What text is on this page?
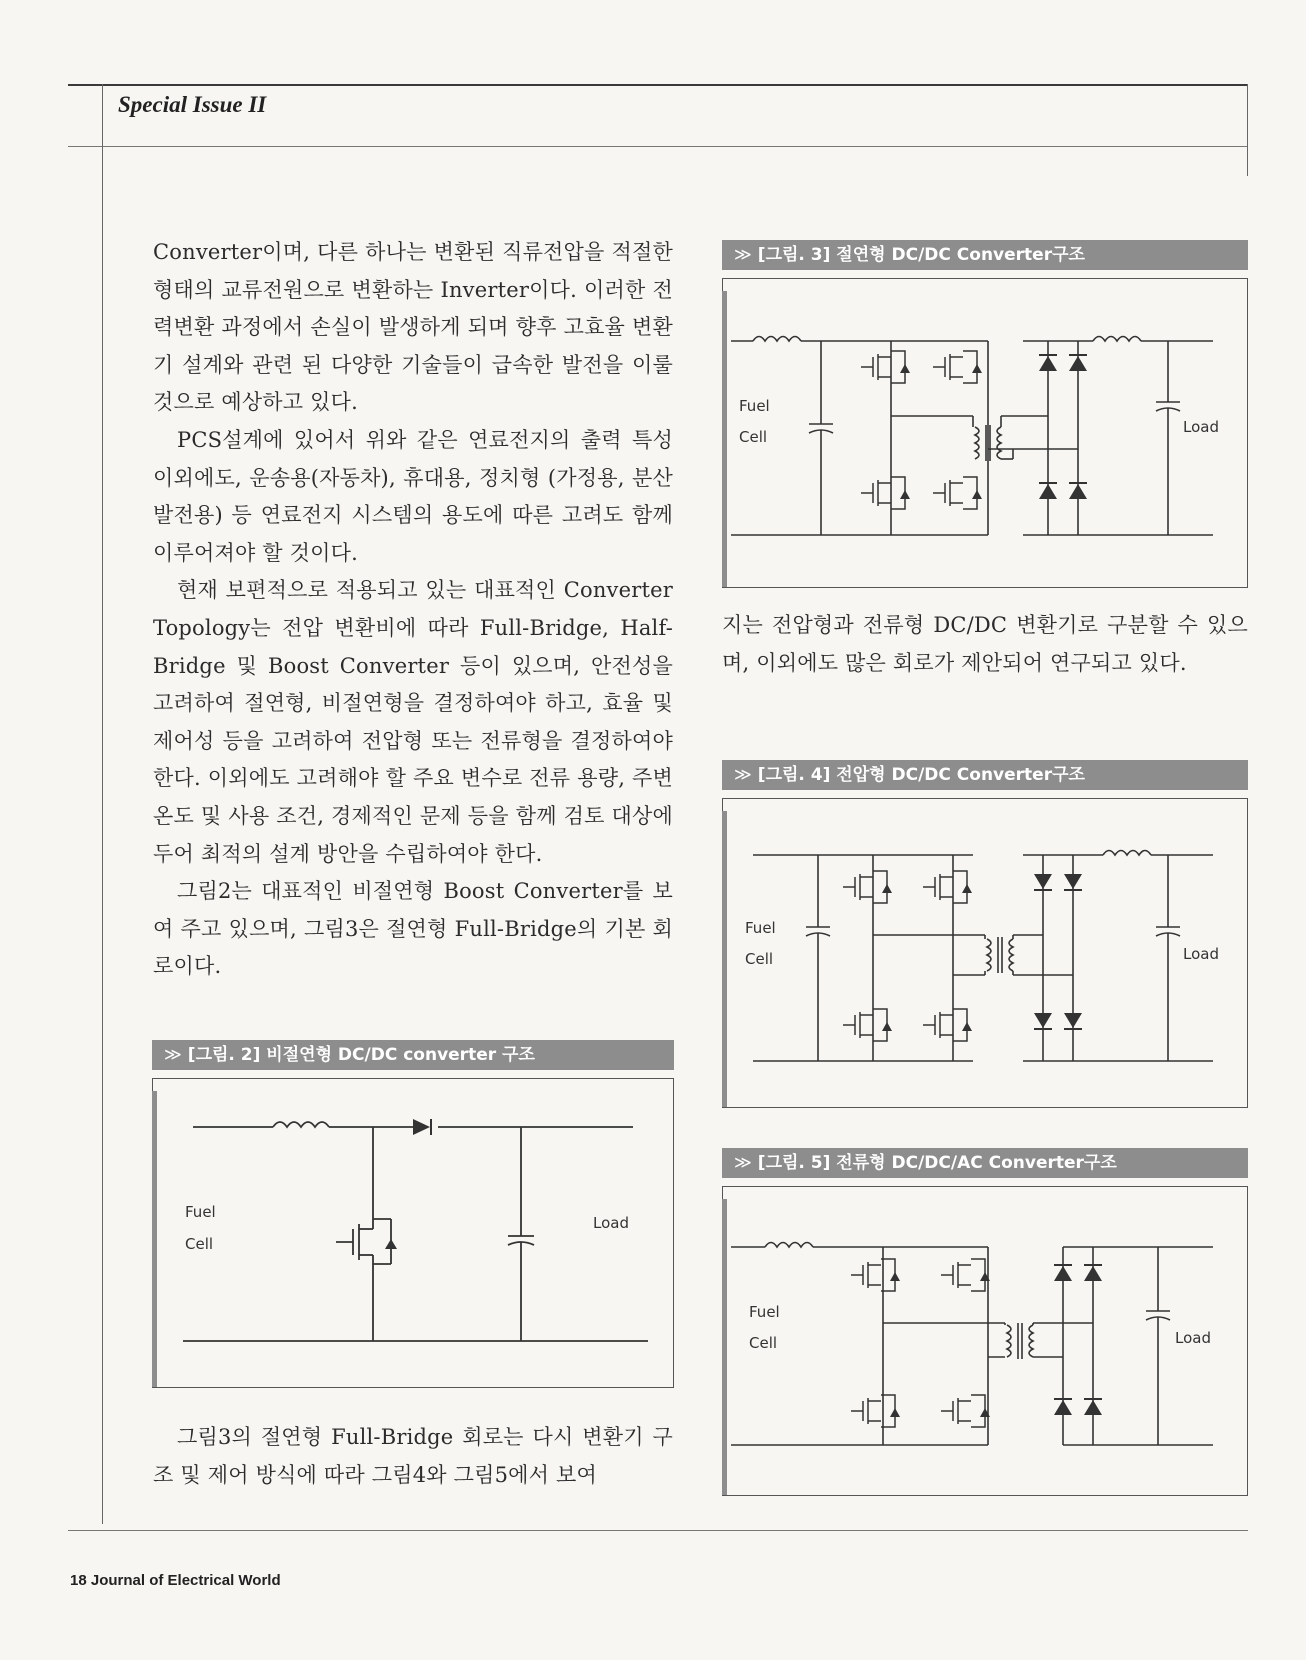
Special Issue II

Converter이며, 다른 하나는 변환된 직류전압을 적절한 형태의 교류전원으로 변환하는 Inverter이다. 이러한 전력변환 과정에서 손실이 발생하게 되며 향후 고효율 변환기 설계와 관련 된 다양한 기술들이 급속한 발전을 이룰 것으로 예상하고 있다.

PCS설계에 있어서 위와 같은 연료전지의 출력 특성 이외에도, 운송용(자동차), 휴대용, 정치형 (가정용, 분산발전용) 등 연료전지 시스템의 용도에 따른 고려도 함께 이루어져야 할 것이다.

현재 보편적으로 적용되고 있는 대표적인 Converter Topology는 전압 변환비에 따라 Full-Bridge, Half-Bridge 및 Boost Converter 등이 있으며, 안전성을 고려하여 절연형, 비절연형을 결정하여야 하고, 효율 및 제어성 등을 고려하여 전압형 또는 전류형을 결정하여야 한다. 이외에도 고려해야 할 주요 변수로 전류 용량, 주변 온도 및 사용 조건, 경제적인 문제 등을 함께 검토 대상에 두어 최적의 설계 방안을 수립하여야 한다.

그림2는 대표적인 비절연형 Boost Converter를 보여 주고 있으며, 그림3은 절연형 Full-Bridge의 기본 회로이다.

≫ [그림. 2] 비절연형 DC/DC converter 구조
Fuel
Cell
Load

그림3의 절연형 Full-Bridge 회로는 다시 변환기 구조 및 제어 방식에 따라 그림4와 그림5에서 보여

≫ [그림. 3] 절연형 DC/DC Converter구조
Fuel
Cell
Load

지는 전압형과 전류형 DC/DC 변환기로 구분할 수 있으며, 이외에도 많은 회로가 제안되어 연구되고 있다.

≫ [그림. 4] 전압형 DC/DC Converter구조
Fuel
Cell	Load
≫ [그림. 5] 전류형 DC/DC/AC Converter구조
Fuel
Cell	Load
18 Journal of Electrical World
